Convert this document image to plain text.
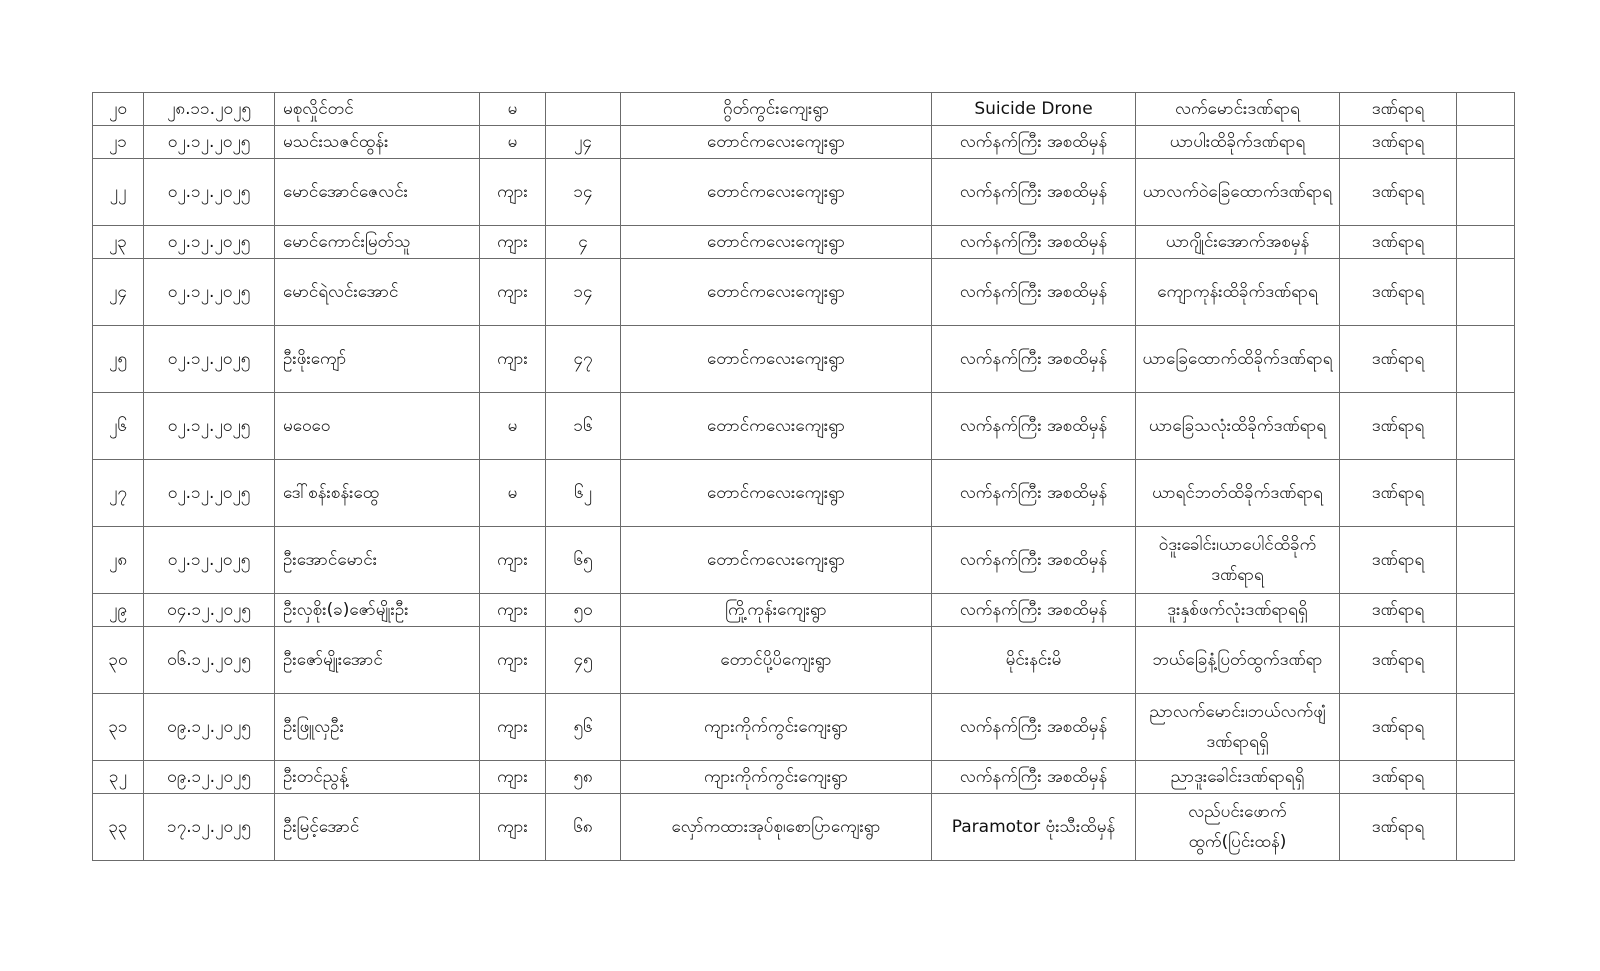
၂၀	၂၈.၁၁.၂၀၂၅	မစုလှိုင်တင်	မ		ဂွိတ်ကွင်းကျေးရွာ	Suicide Drone	လက်မောင်းဒဏ်ရာရ	ဒဏ်ရာရ	
၂၁	၀၂.၁၂.၂၀၂၅	မသင်းသဇင်ထွန်း	မ	၂၄	တောင်ကလေးကျေးရွာ	လက်နက်ကြီး အစထိမှန်	ယာပါးထိခိုက်ဒဏ်ရာရ	ဒဏ်ရာရ	
၂၂	၀၂.၁၂.၂၀၂၅	မောင်အောင်ဇေလင်း	ကျား	၁၄	တောင်ကလေးကျေးရွာ	လက်နက်ကြီး အစထိမှန်	ယာလက်ဝဲခြေထောက်ဒဏ်ရာရ	ဒဏ်ရာရ	
၂၃	၀၂.၁၂.၂၀၂၅	မောင်ကောင်းမြတ်သူ	ကျား	၄	တောင်ကလေးကျေးရွာ	လက်နက်ကြီး အစထိမှန်	ယာဂျိုင်းအောက်အစမှန်	ဒဏ်ရာရ	
၂၄	၀၂.၁၂.၂၀၂၅	မောင်ရဲလင်းအောင်	ကျား	၁၄	တောင်ကလေးကျေးရွာ	လက်နက်ကြီး အစထိမှန်	ကျောကုန်းထိခိုက်ဒဏ်ရာရ	ဒဏ်ရာရ	
၂၅	၀၂.၁၂.၂၀၂၅	ဦးဖိုးကျော်	ကျား	၄၇	တောင်ကလေးကျေးရွာ	လက်နက်ကြီး အစထိမှန်	ယာခြေထောက်ထိခိုက်ဒဏ်ရာရ	ဒဏ်ရာရ	
၂၆	၀၂.၁၂.၂၀၂၅	မဝေဝေ	မ	၁၆	တောင်ကလေးကျေးရွာ	လက်နက်ကြီး အစထိမှန်	ယာခြေသလုံးထိခိုက်ဒဏ်ရာရ	ဒဏ်ရာရ	
၂၇	၀၂.၁၂.၂၀၂၅	ဒေါ်စန်းစန်းထွေ	မ	၆၂	တောင်ကလေးကျေးရွာ	လက်နက်ကြီး အစထိမှန်	ယာရင်ဘတ်ထိခိုက်ဒဏ်ရာရ	ဒဏ်ရာရ	
၂၈	၀၂.၁၂.၂၀၂၅	ဦးအောင်မောင်း	ကျား	၆၅	တောင်ကလေးကျေးရွာ	လက်နက်ကြီး အစထိမှန်	ဝဲဒူးခေါင်း၊ယာပေါင်ထိခိုက်ဒဏ်ရာရ	ဒဏ်ရာရ	
၂၉	၀၄.၁၂.၂၀၂၅	ဦးလှစိုး(ခ)ဇော်မျိုးဦး	ကျား	၅၀	ကြို့ကုန်းကျေးရွာ	လက်နက်ကြီး အစထိမှန်	ဒူးနှစ်ဖက်လုံးဒဏ်ရာရရှိ	ဒဏ်ရာရ	
၃၀	၀၆.၁၂.၂၀၂၅	ဦးဇော်မျိုးအောင်	ကျား	၄၅	တောင်ပို့ပိကျေးရွာ	မိုင်းနင်းမိ	ဘယ်ခြေနံ့ပြတ်ထွက်ဒဏ်ရာ	ဒဏ်ရာရ	
၃၁	၀၉.၁၂.၂၀၂၅	ဦးဖြူလှဦး	ကျား	၅၆	ကျားကိုက်ကွင်းကျေးရွာ	လက်နက်ကြီး အစထိမှန်	ညာလက်မောင်း၊ဘယ်လက်ဖျံဒဏ်ရာရရှိ	ဒဏ်ရာရ	
၃၂	၀၉.၁၂.၂၀၂၅	ဦးတင်ညွန့်	ကျား	၅၈	ကျားကိုက်ကွင်းကျေးရွာ	လက်နက်ကြီး အစထိမှန်	ညာဒူးခေါင်းဒဏ်ရာရရှိ	ဒဏ်ရာရ	
၃၃	၁၇.၁၂.၂၀၂၅	ဦးမြင့်အောင်	ကျား	၆၈	လှော်ကထားအုပ်စု၊စောပြာကျေးရွာ	Paramotor ဗုံးသီးထိမှန်	လည်ပင်းဖောက်ထွက်(ပြင်းထန်)	ဒဏ်ရာရ	
